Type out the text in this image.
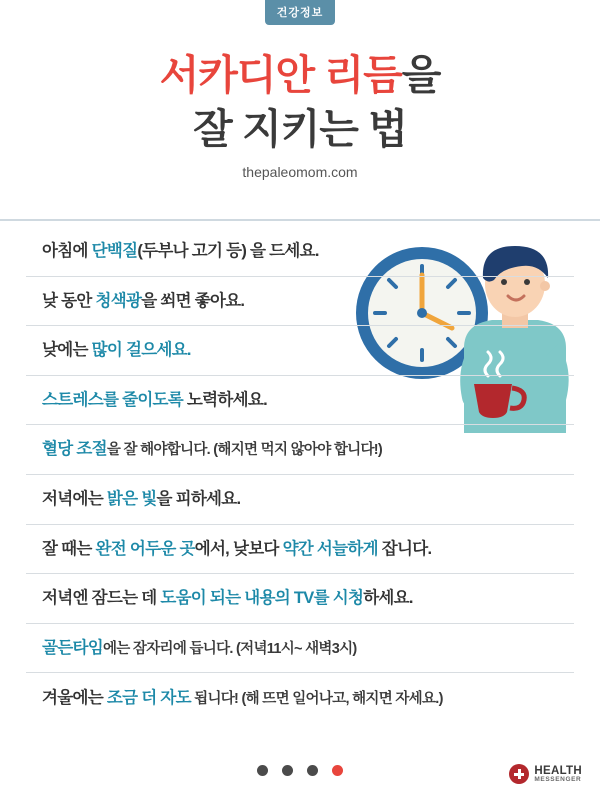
건강정보
서카디안 리듬을
잘 지키는 법
thepaleomom.com
아침에 단백질(두부나 고기 등) 을 드세요.
낮 동안 청색광을 쐬면 좋아요.
낮에는 많이 걸으세요.
스트레스를 줄이도록 노력하세요.
혈당 조절을 잘 해야합니다. (해지면 먹지 않아야 합니다!)
저녁에는 밝은 빛을 피하세요.
잘 때는 완전 어두운 곳에서, 낮보다 약간 서늘하게 잡니다.
저녁엔 잠드는 데 도움이 되는 내용의 TV를 시청하세요.
골든타임에는 잠자리에 듭니다. (저녁11시~ 새벽3시)
겨울에는 조금 더 자도 됩니다! (해 뜨면 일어나고, 해지면 자세요.)
HEALTH
MESSENGER
